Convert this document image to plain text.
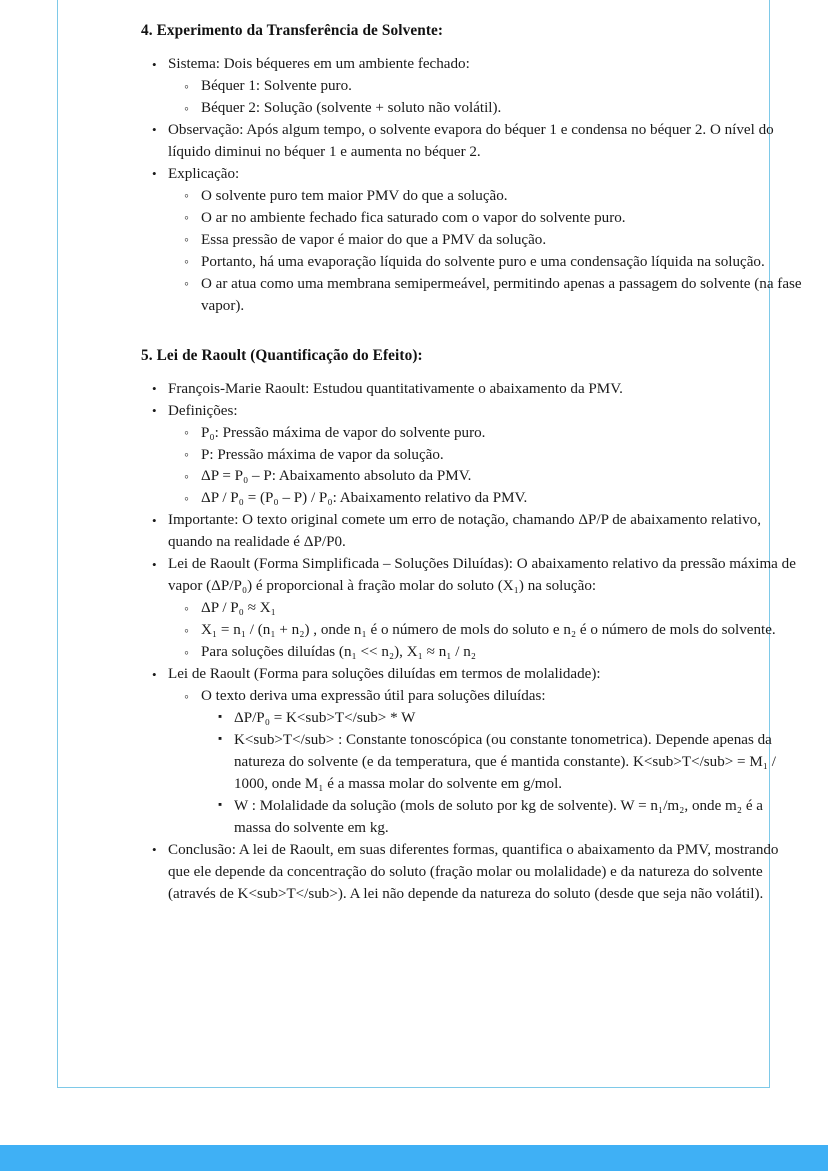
4. Experimento da Transferência de Solvente:
• Sistema: Dois béqueres em um ambiente fechado:
◦ Béquer 1: Solvente puro.
◦ Béquer 2: Solução (solvente + soluto não volátil).
• Observação: Após algum tempo, o solvente evapora do béquer 1 e condensa no béquer 2. O nível do líquido diminui no béquer 1 e aumenta no béquer 2.
• Explicação:
◦ O solvente puro tem maior PMV do que a solução.
◦ O ar no ambiente fechado fica saturado com o vapor do solvente puro.
◦ Essa pressão de vapor é maior do que a PMV da solução.
◦ Portanto, há uma evaporação líquida do solvente puro e uma condensação líquida na solução.
◦ O ar atua como uma membrana semipermeável, permitindo apenas a passagem do solvente (na fase vapor).
5. Lei de Raoult (Quantificação do Efeito):
• François-Marie Raoult: Estudou quantitativamente o abaixamento da PMV.
• Definições:
◦ P₀: Pressão máxima de vapor do solvente puro.
◦ P: Pressão máxima de vapor da solução.
◦ ΔP = P₀ – P: Abaixamento absoluto da PMV.
◦ ΔP / P₀ = (P₀ – P) / P₀: Abaixamento relativo da PMV.
• Importante: O texto original comete um erro de notação, chamando ΔP/P de abaixamento relativo, quando na realidade é ΔP/P0.
• Lei de Raoult (Forma Simplificada – Soluções Diluídas): O abaixamento relativo da pressão máxima de vapor (ΔP/P₀) é proporcional à fração molar do soluto (X₁) na solução:
◦ ΔP / P₀ ≈ X₁
◦ X₁ = n₁ / (n₁ + n₂) , onde n₁ é o número de mols do soluto e n₂ é o número de mols do solvente.
◦ Para soluções diluídas (n₁ << n₂), X₁ ≈ n₁ / n₂
• Lei de Raoult (Forma para soluções diluídas em termos de molalidade):
◦ O texto deriva uma expressão útil para soluções diluídas:
▪ ΔP/P₀ = K<sub>T</sub> * W
▪ K<sub>T</sub> : Constante tonoscópica (ou constante tonometrica). Depende apenas da natureza do solvente (e da temperatura, que é mantida constante). K<sub>T</sub> = M₁ / 1000, onde M₁ é a massa molar do solvente em g/mol.
▪ W : Molalidade da solução (mols de soluto por kg de solvente). W = n₁/m₂, onde m₂ é a massa do solvente em kg.
• Conclusão: A lei de Raoult, em suas diferentes formas, quantifica o abaixamento da PMV, mostrando que ele depende da concentração do soluto (fração molar ou molalidade) e da natureza do solvente (através de K<sub>T</sub>). A lei não depende da natureza do soluto (desde que seja não volátil).
